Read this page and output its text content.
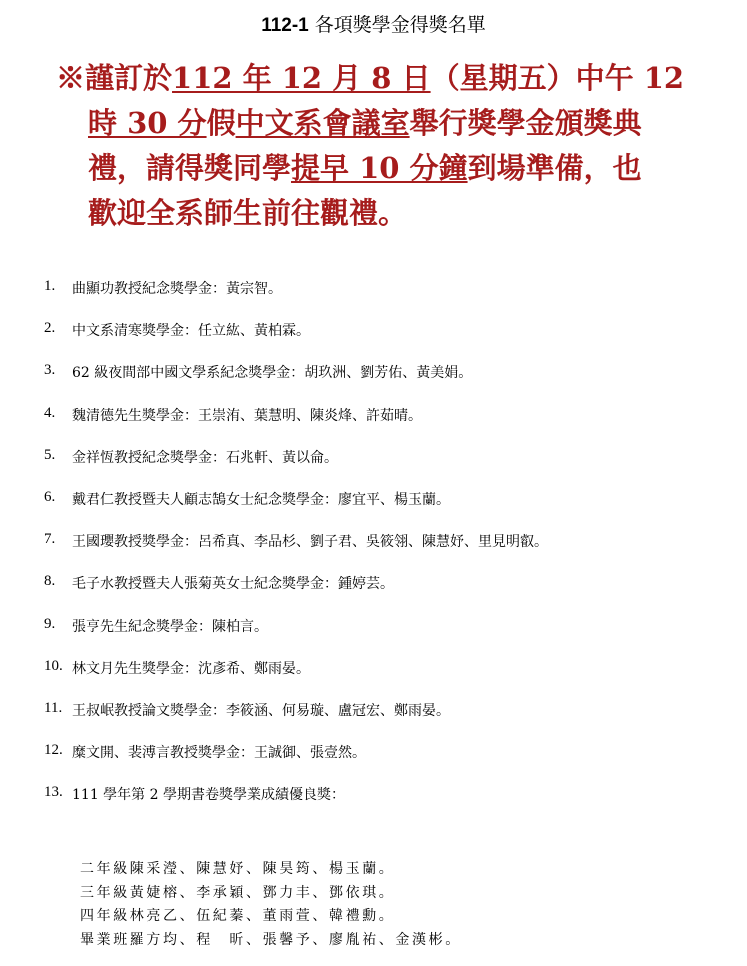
112-1 各項獎學金得獎名單
※謹訂於112 年 12 月 8 日（星期五）中午 12
時 30 分假中文系會議室舉行獎學金頒獎典
禮，請得獎同學提早 10 分鐘到場準備，也
歡迎全系師生前往觀禮。
1.	曲顯功教授紀念獎學金：黃宗智。
2.	中文系清寒獎學金：任立紘、黃柏霖。
3.	62 級夜間部中國文學系紀念獎學金：胡玖洲、劉芳佑、黃美娟。
4.	魏清德先生獎學金：王崇洧、葉慧明、陳炎烽、許茹晴。
5.	金祥恆教授紀念獎學金：石兆軒、黃以侖。
6.	戴君仁教授暨夫人顧志鵠女士紀念獎學金：廖宜平、楊玉蘭。
7.	王國瓔教授獎學金：呂希真、李品杉、劉子君、吳筱翎、陳慧妤、里見明叡。
8.	毛子水教授暨夫人張菊英女士紀念獎學金：鍾婷芸。
9.	張亨先生紀念獎學金：陳柏言。
10. 林文月先生獎學金：沈彥希、鄭雨晏。
11. 王叔岷教授論文獎學金：李筱涵、何易璇、盧冠宏、鄭雨晏。
12. 糜文開、裴溥言教授獎學金：王誠御、張壹然。
13. 111 學年第 2 學期書卷獎學業成績優良獎：
二年級陳采瀅、陳慧妤、陳昊筠、楊玉蘭。
三年級黃婕榕、李承穎、鄧力丰、鄧依琪。
四年級林亮乙、伍紀蓁、董雨萱、韓禮勳。
畢業班羅方均、程　昕、張馨予、廖胤祐、金漢彬。
